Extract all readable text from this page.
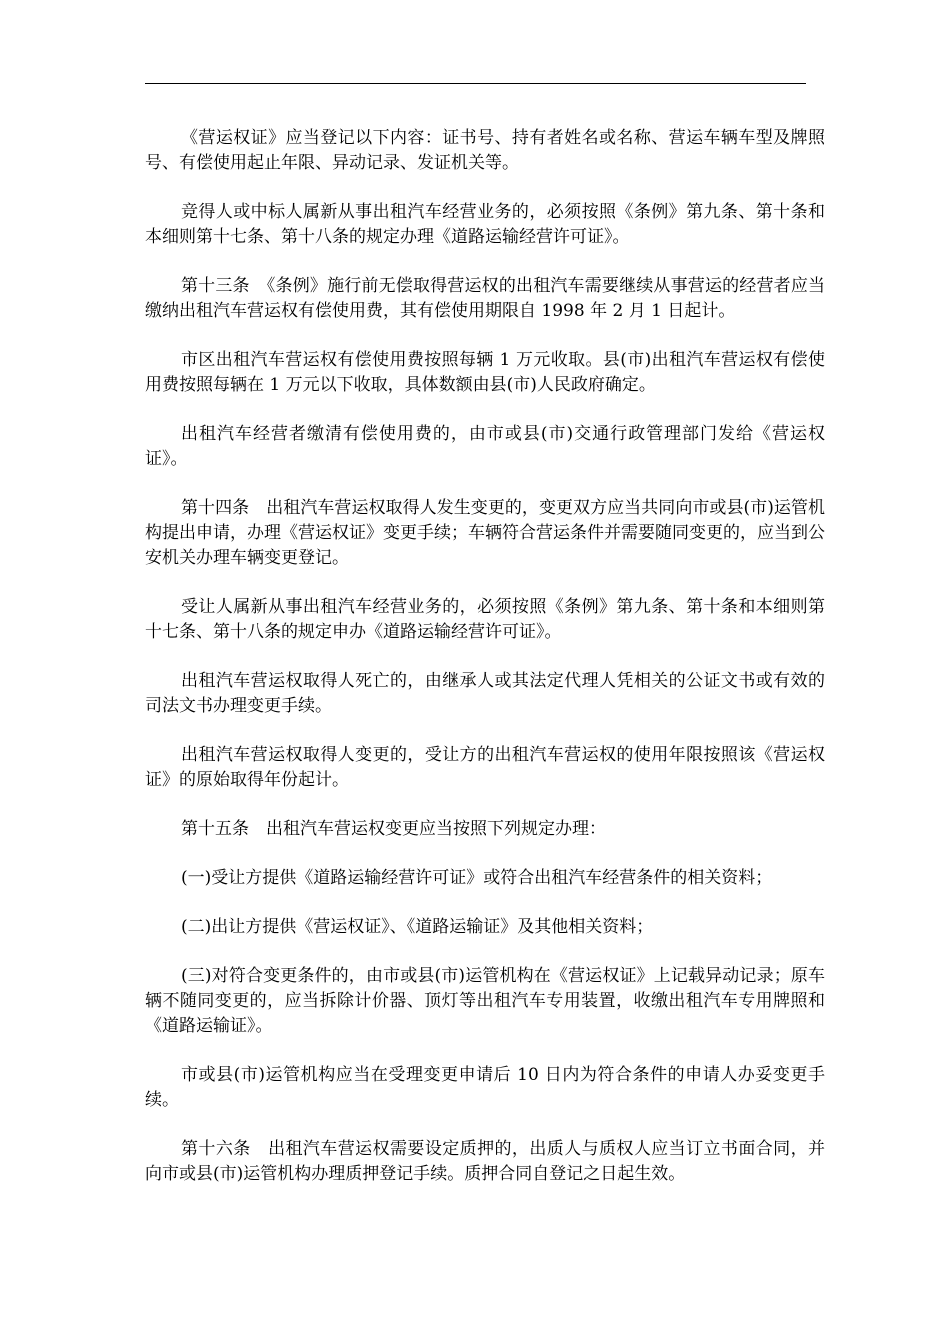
《营运权证》应当登记以下内容：证书号、持有者姓名或名称、营运车辆车型及牌照号、有偿使用起止年限、异动记录、发证机关等。

竞得人或中标人属新从事出租汽车经营业务的，必须按照《条例》第九条、第十条和本细则第十七条、第十八条的规定办理《道路运输经营许可证》。

第十三条　《条例》施行前无偿取得营运权的出租汽车需要继续从事营运的经营者应当缴纳出租汽车营运权有偿使用费，其有偿使用期限自 1998 年 2 月 1 日起计。

市区出租汽车营运权有偿使用费按照每辆 1 万元收取。县(市)出租汽车营运权有偿使用费按照每辆在 1 万元以下收取，具体数额由县(市)人民政府确定。

出租汽车经营者缴清有偿使用费的，由市或县(市)交通行政管理部门发给《营运权证》。

第十四条　出租汽车营运权取得人发生变更的，变更双方应当共同向市或县(市)运管机构提出申请，办理《营运权证》变更手续；车辆符合营运条件并需要随同变更的，应当到公安机关办理车辆变更登记。

受让人属新从事出租汽车经营业务的，必须按照《条例》第九条、第十条和本细则第十七条、第十八条的规定申办《道路运输经营许可证》。

出租汽车营运权取得人死亡的，由继承人或其法定代理人凭相关的公证文书或有效的司法文书办理变更手续。

出租汽车营运权取得人变更的，受让方的出租汽车营运权的使用年限按照该《营运权证》的原始取得年份起计。

第十五条　出租汽车营运权变更应当按照下列规定办理：

(一)受让方提供《道路运输经营许可证》或符合出租汽车经营条件的相关资料；

(二)出让方提供《营运权证》、《道路运输证》及其他相关资料；

(三)对符合变更条件的，由市或县(市)运管机构在《营运权证》上记载异动记录；原车辆不随同变更的，应当拆除计价器、顶灯等出租汽车专用装置，收缴出租汽车专用牌照和《道路运输证》。

市或县(市)运管机构应当在受理变更申请后 10 日内为符合条件的申请人办妥变更手续。

第十六条　出租汽车营运权需要设定质押的，出质人与质权人应当订立书面合同，并向市或县(市)运管机构办理质押登记手续。质押合同自登记之日起生效。
